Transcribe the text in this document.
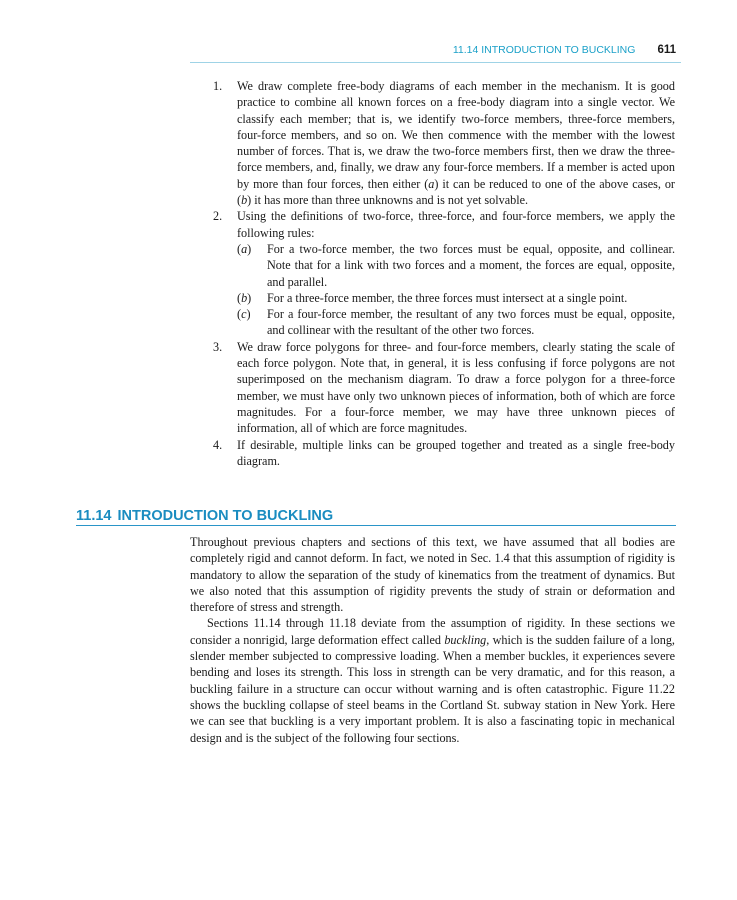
11.14 INTRODUCTION TO BUCKLING 611
1. We draw complete free-body diagrams of each member in the mechanism. It is good practice to combine all known forces on a free-body diagram into a single vector. We classify each member; that is, we identify two-force members, three-force members, four-force members, and so on. We then commence with the member with the lowest number of forces. That is, we draw the two-force members first, then we draw the three-force members, and, finally, we draw any four-force members. If a member is acted upon by more than four forces, then either (a) it can be reduced to one of the above cases, or (b) it has more than three unknowns and is not yet solvable.
2. Using the definitions of two-force, three-force, and four-force members, we apply the following rules:
(a) For a two-force member, the two forces must be equal, opposite, and collinear. Note that for a link with two forces and a moment, the forces are equal, opposite, and parallel.
(b) For a three-force member, the three forces must intersect at a single point.
(c) For a four-force member, the resultant of any two forces must be equal, opposite, and collinear with the resultant of the other two forces.
3. We draw force polygons for three- and four-force members, clearly stating the scale of each force polygon. Note that, in general, it is less confusing if force polygons are not superimposed on the mechanism diagram. To draw a force polygon for a three-force member, we must have only two unknown pieces of information, both of which are force magnitudes. For a four-force member, we may have three unknown pieces of information, all of which are force magnitudes.
4. If desirable, multiple links can be grouped together and treated as a single free-body diagram.
11.14 INTRODUCTION TO BUCKLING

Throughout previous chapters and sections of this text, we have assumed that all bodies are completely rigid and cannot deform. In fact, we noted in Sec. 1.4 that this assumption of rigidity is mandatory to allow the separation of the study of kinematics from the treatment of dynamics. But we also noted that this assumption of rigidity prevents the study of strain or deformation and therefore of stress and strength.

Sections 11.14 through 11.18 deviate from the assumption of rigidity. In these sections we consider a nonrigid, large deformation effect called buckling, which is the sudden failure of a long, slender member subjected to compressive loading. When a member buckles, it experiences severe bending and loses its strength. This loss in strength can be very dramatic, and for this reason, a buckling failure in a structure can occur without warning and is often catastrophic. Figure 11.22 shows the buckling collapse of steel beams in the Cortland St. subway station in New York. Here we can see that buckling is a very important problem. It is also a fascinating topic in mechanical design and is the subject of the following four sections.
